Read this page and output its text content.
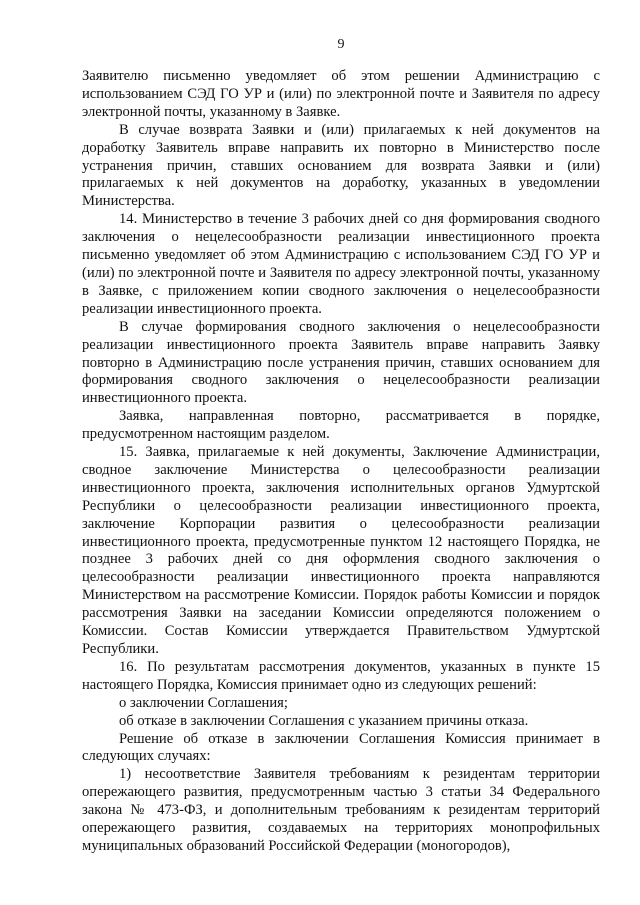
9

Заявителю письменно уведомляет об этом решении Администрацию с использованием СЭД ГО УР и (или) по электронной почте и Заявителя по адресу электронной почты, указанному в Заявке.

В случае возврата Заявки и (или) прилагаемых к ней документов на доработку Заявитель вправе направить их повторно в Министерство после устранения причин, ставших основанием для возврата Заявки и (или) прилагаемых к ней документов на доработку, указанных в уведомлении Министерства.

14. Министерство в течение 3 рабочих дней со дня формирования сводного заключения о нецелесообразности реализации инвестиционного проекта письменно уведомляет об этом Администрацию с использованием СЭД ГО УР и (или) по электронной почте и Заявителя по адресу электронной почты, указанному в Заявке, с приложением копии сводного заключения о нецелесообразности реализации инвестиционного проекта.

В случае формирования сводного заключения о нецелесообразности реализации инвестиционного проекта Заявитель вправе направить Заявку повторно в Администрацию после устранения причин, ставших основанием для формирования сводного заключения о нецелесообразности реализации инвестиционного проекта.

Заявка, направленная повторно, рассматривается в порядке, предусмотренном настоящим разделом.

15. Заявка, прилагаемые к ней документы, Заключение Администрации, сводное заключение Министерства о целесообразности реализации инвестиционного проекта, заключения исполнительных органов Удмуртской Республики о целесообразности реализации инвестиционного проекта, заключение Корпорации развития о целесообразности реализации инвестиционного проекта, предусмотренные пунктом 12 настоящего Порядка, не позднее 3 рабочих дней со дня оформления сводного заключения о целесообразности реализации инвестиционного проекта направляются Министерством на рассмотрение Комиссии. Порядок работы Комиссии и порядок рассмотрения Заявки на заседании Комиссии определяются положением о Комиссии. Состав Комиссии утверждается Правительством Удмуртской Республики.

16. По результатам рассмотрения документов, указанных в пункте 15 настоящего Порядка, Комиссия принимает одно из следующих решений:

о заключении Соглашения;

об отказе в заключении Соглашения с указанием причины отказа.

Решение об отказе в заключении Соглашения Комиссия принимает в следующих случаях:

1) несоответствие Заявителя требованиям к резидентам территории опережающего развития, предусмотренным частью 3 статьи 34 Федерального закона № 473-ФЗ, и дополнительным требованиям к резидентам территорий опережающего развития, создаваемых на территориях монопрофильных муниципальных образований Российской Федерации (моногородов),
